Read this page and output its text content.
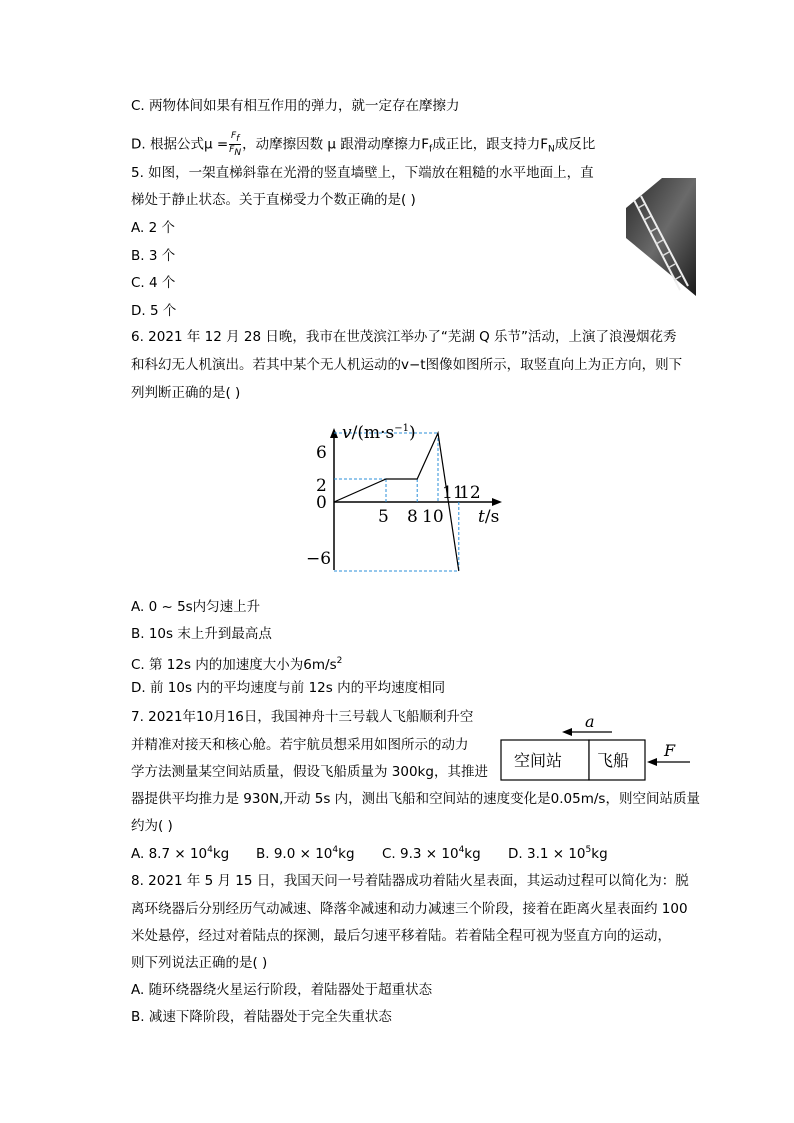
C. 两物体间如果有相互作用的弹力，就一定存在摩擦力
D. 根据公式$\mu = \frac{Ff}{FN}$ ，动摩擦因数 μ 跟滑动摩擦力$F_f$成正比，跟支持力$F_N$成反比
5. 如图，一架直梯斜靠在光滑的竖直墙壁上，下端放在粗糙的水平地面上，直
梯处于静止状态。关于直梯受力个数正确的是( )
A. 2 个
B. 3 个
C. 4 个
D. 5 个
6. 2021 年 12 月 28 日晚，我市在世茂滨江举办了“芜湖 Q 乐节”活动，上演了浪漫烟花秀
和科幻无人机演出。若其中某个无人机运动的v−t图像如图所示，取竖直向上为正方向，则下
列判断正确的是( )
6
2
0
−6
5 8 10
11
12
$v/(m\cdot s^{-1})$
t/s
A. 0 ~ 5s内匀速上升
B. 10s 末上升到最高点
C. 第 12s 内的加速度大小为$6m/s^2$
D. 前 10s 内的平均速度与前 12s 内的平均速度相同
7. 2021年10月16日，我国神舟十三号载人飞船顺利升空
并精准对接天和核心舱。若宇航员想采用如图所示的动力
学方法测量某空间站质量，假设飞船质量为 300kg，其推进
器提供平均推力是 930N,开动 5s 内，测出飞船和空间站的速度变化是0.05m/s，则空间站质量
约为( )
空间站 飞船
a
F
A. $8.7 \times 10^4kg$ B. $9.0 \times 10^4kg$ C. $9.3 \times 10^4kg$ D. $3.1 \times 10^5kg$
8. 2021 年 5 月 15 日，我国天问一号着陆器成功着陆火星表面，其运动过程可以简化为：脱
离环绕器后分别经历气动减速、降落伞减速和动力减速三个阶段，接着在距离火星表面约 100
米处悬停，经过对着陆点的探测，最后匀速平移着陆。若着陆全程可视为竖直方向的运动，
则下列说法正确的是( )
A. 随环绕器绕火星运行阶段，着陆器处于超重状态
B. 减速下降阶段，着陆器处于完全失重状态
